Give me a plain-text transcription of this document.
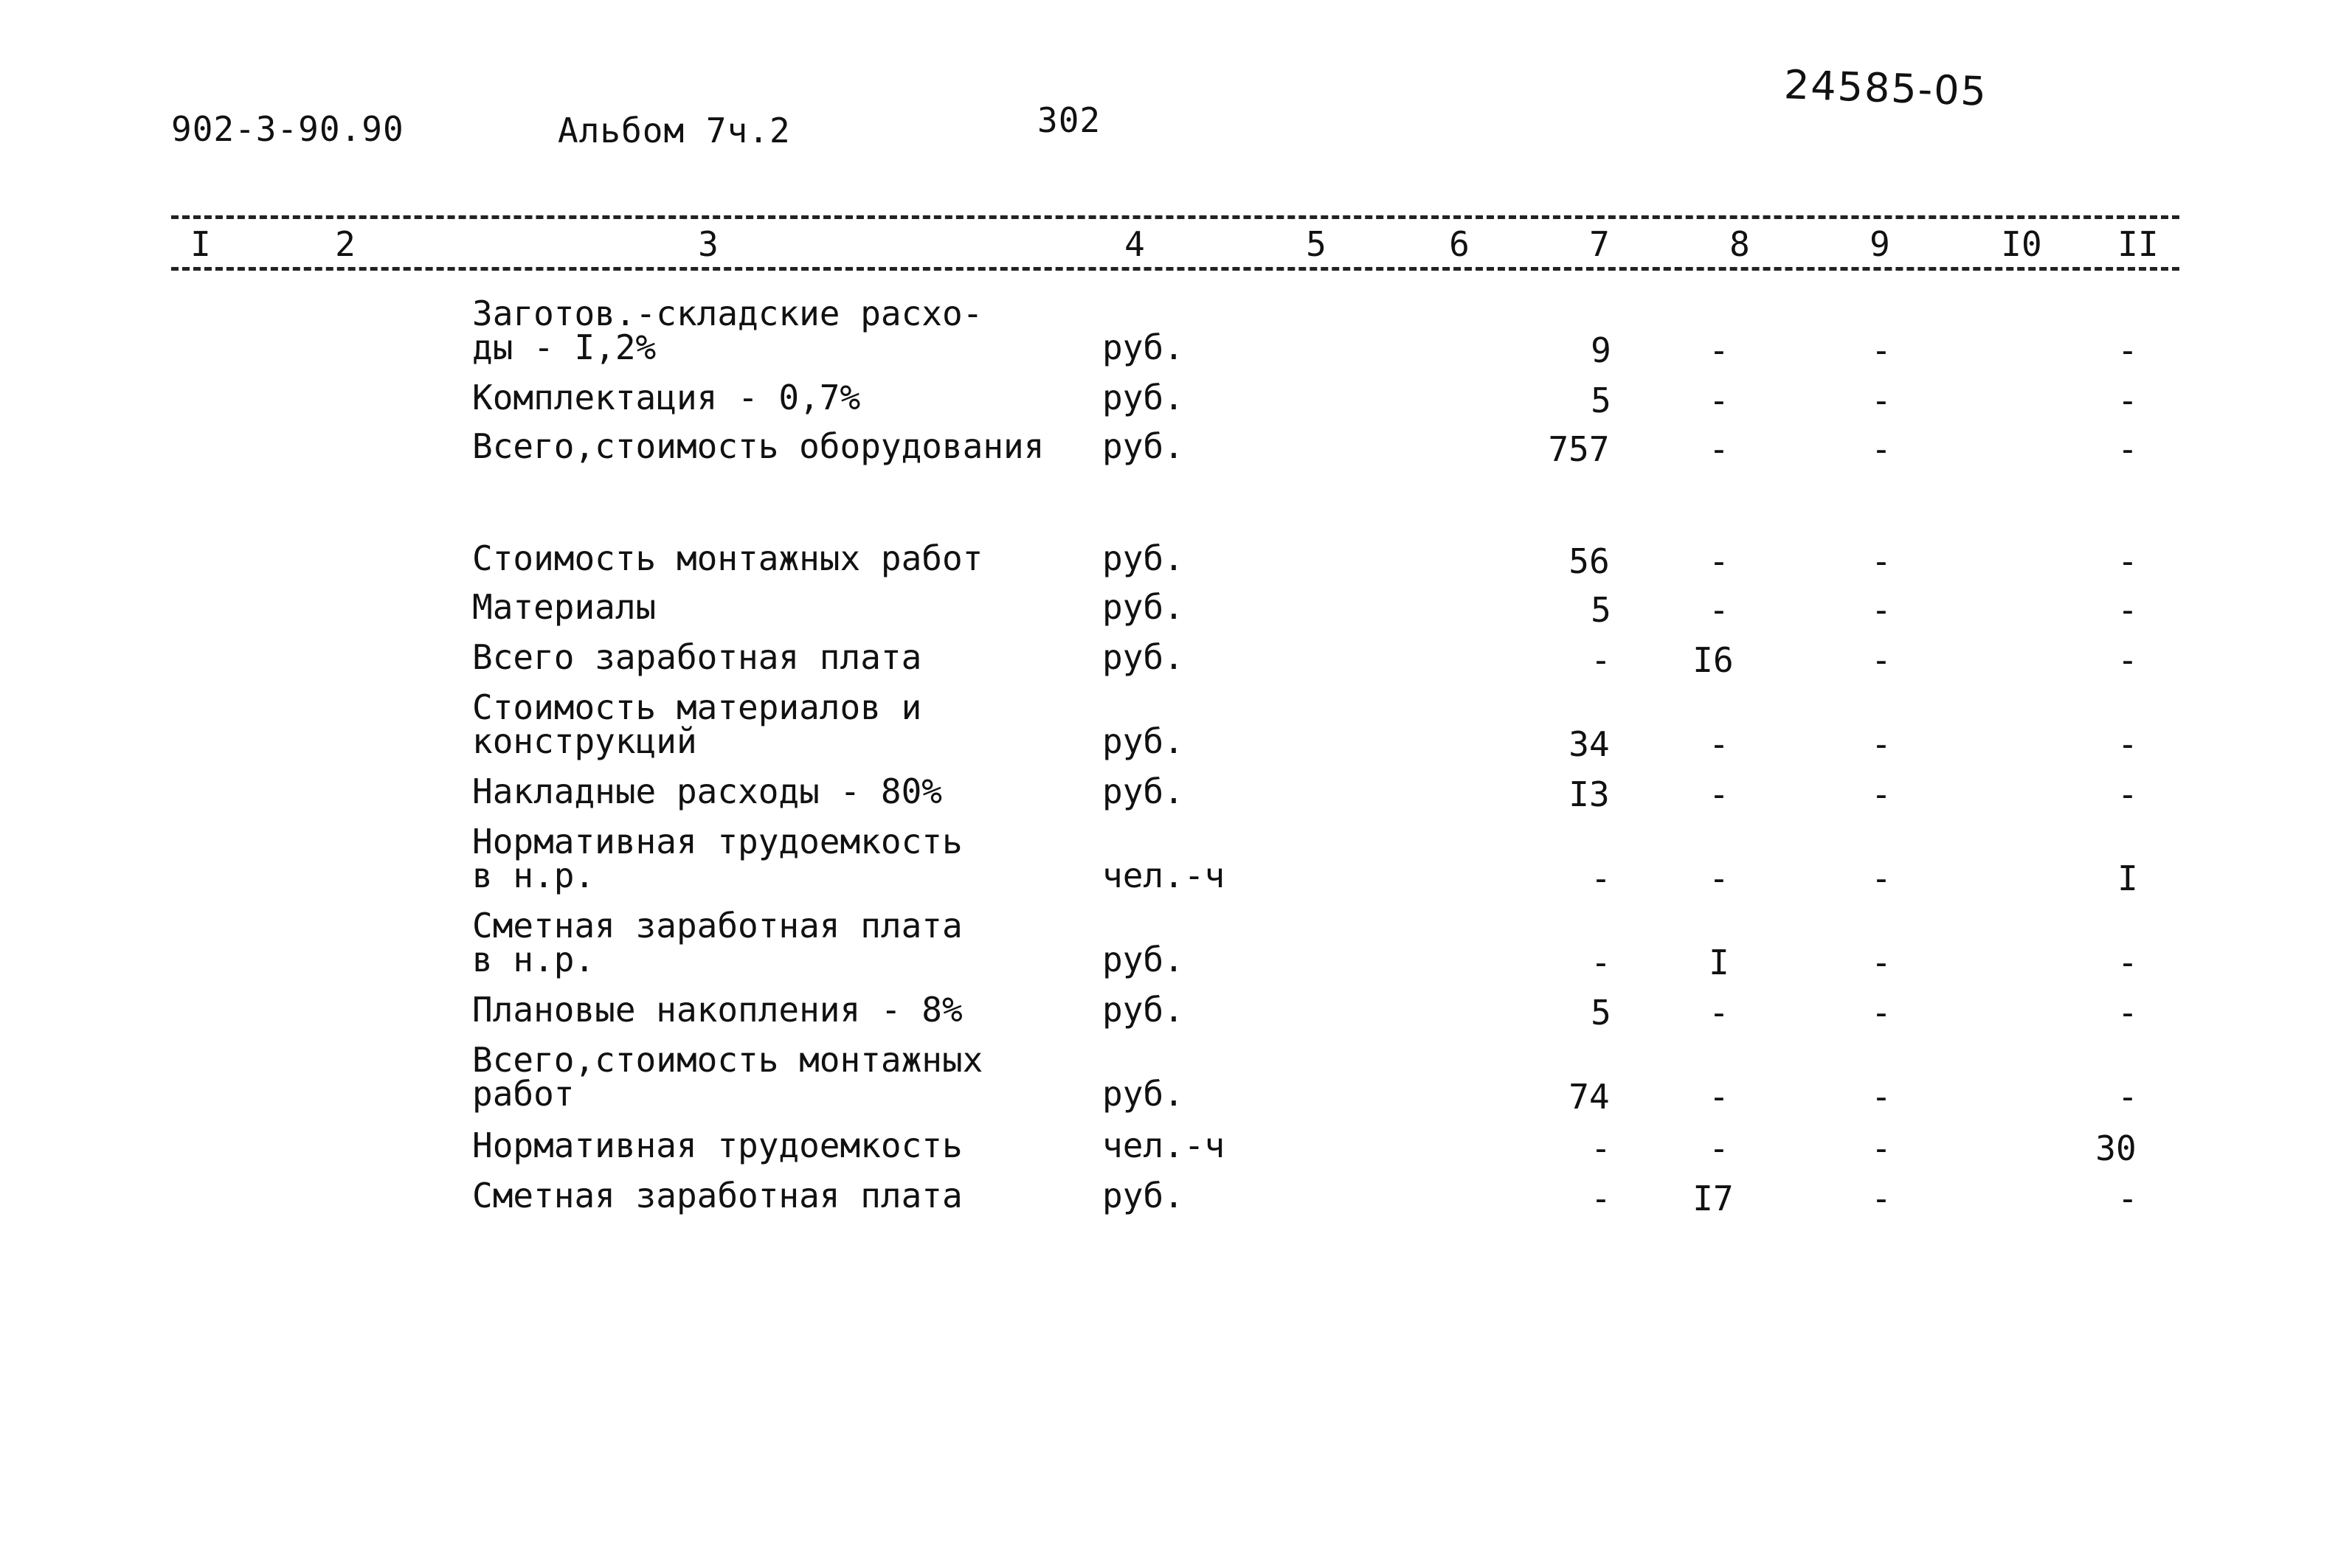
902-3-90.90	Альбом 7ч.2	302
24585-05
I	2	3	4	5	6	7	8	9	I0 II
Заготов.-складские расхо-
ды - I,2%	руб.	9	-	-	-
Комплектация - 0,7%	руб.	5	-	-	-
Всего,стоимость оборудования	руб.	757	-	-	-
Стоимость монтажных работ	руб.	56	-	-	-
Материалы	руб.	5	-	-	-
Всего заработная плата	руб.	-	I6	-	-
Стоимость материалов и
конструкций	руб.	34	-	-	-
Накладные расходы - 80%	руб.	I3	-	-	-
Нормативная трудоемкость
в н.р.	чел.-ч	-	-	-	I
Сметная заработная плата
в н.р.	руб.	-	I	-	-
Плановые накопления - 8%	руб.	5	-	-	-
Всего,стоимость монтажных
работ	руб.	74	-	-	-
Нормативная трудоемкость	чел.-ч	-	-	-	30
Сметная заработная плата	руб.	-	I7	-	-
